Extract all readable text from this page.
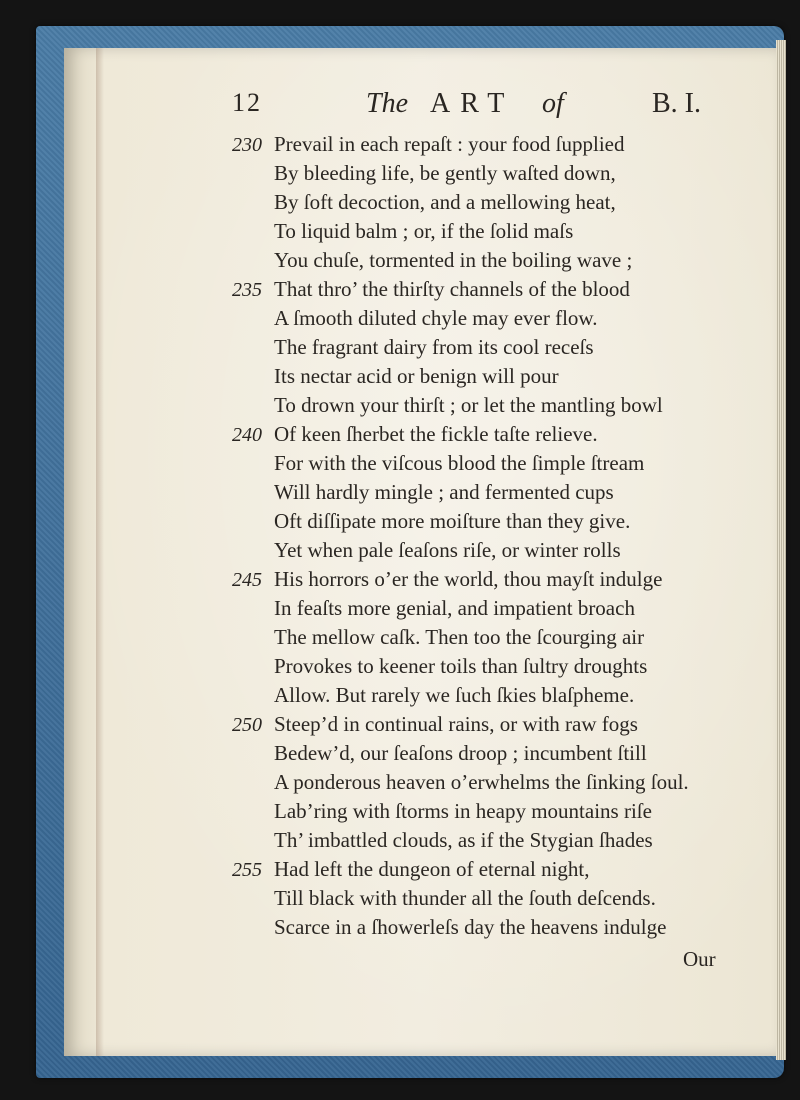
12	The ART of	B. I.
230 Prevail in each repaſt : your food ſupplied
By bleeding life, be gently waſted down,
By ſoft decoction, and a mellowing heat,
To liquid balm ; or, if the ſolid maſs
You chuſe, tormented in the boiling wave ;
235 That thro’ the thirſty channels of the blood
A ſmooth diluted chyle may ever flow.
The fragrant dairy from its cool receſs
Its nectar acid or benign will pour
To drown your thirſt ; or let the mantling bowl
240 Of keen ſherbet the fickle taſte relieve.
For with the viſcous blood the ſimple ſtream
Will hardly mingle ; and fermented cups
Oft diſſipate more moiſture than they give.
Yet when pale ſeaſons riſe, or winter rolls
245 His horrors o’er the world, thou mayſt indulge
In feaſts more genial, and impatient broach
The mellow caſk. Then too the ſcourging air
Provokes to keener toils than ſultry droughts
Allow. But rarely we ſuch ſkies blaſpheme.
250 Steep’d in continual rains, or with raw fogs
Bedew’d, our ſeaſons droop ; incumbent ſtill
A ponderous heaven o’erwhelms the ſinking ſoul.
Lab’ring with ſtorms in heapy mountains riſe
Th’ imbattled clouds, as if the Stygian ſhades
255 Had left the dungeon of eternal night,
Till black with thunder all the ſouth deſcends.
Scarce in a ſhowerleſs day the heavens indulge
Our
